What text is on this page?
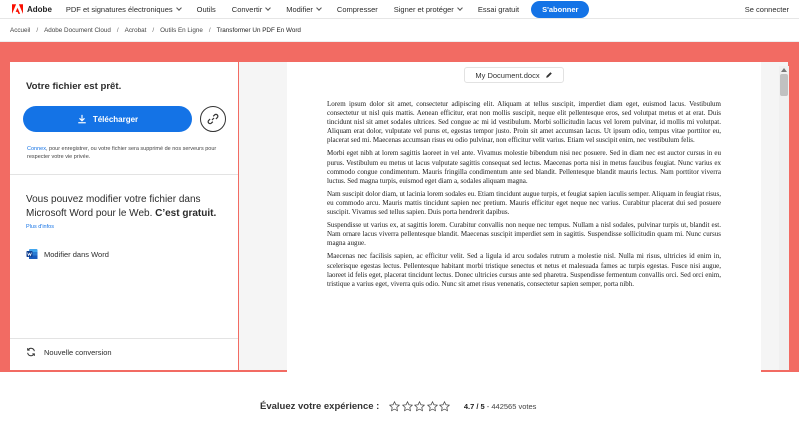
Adobe PDF et signatures électroniques	Outils Convertir	Modifier	Compresser Signer et protéger	Essai gratuit	S'abonner	Se connecter
Accueil / Adobe Document Cloud / Acrobat / Outils En Ligne / Transformer Un PDF En Word
Votre fichier est prêt.
Télécharger
Connex, pour enregistrer, ou votre fichier sera supprimé de nos serveurs pour respecter votre vie privée.
Vous pouvez modifier votre fichier dans Microsoft Word pour le Web. C’est gratuit.
Plus d'infos
Modifier dans Word
Nouvelle conversion

Lorem ipsum dolor sit amet, consectetur adipiscing elit. Aliquam at tellus suscipit, imperdiet diam eget, euismod lacus. Vestibulum consectetur ut nisl quis mattis. Aenean efficitur, erat non mollis suscipit, neque elit pellentesque eros, sed volutpat metus et at erat. Duis tincidunt nisl sit amet sodales ultrices. Sed congue ac mi id vestibulum. Morbi sollicitudin lacus vel lorem pulvinar, id mollis mi volutpat. Aliquam erat dolor, vulputate vel purus et, egestas tempor justo. Proin sit amet accumsan lacus. Ut ipsum odio, tempus vitae porttitor eu, placerat sed mi. Maecenas accumsan risus eu odio pulvinar, non efficitur velit varius. Etiam vel suscipit enim, nec vestibulum felis.

Morbi eget nibh at lorem sagittis laoreet in vel ante. Vivamus molestie bibendum nisi nec posuere. Sed in diam nec est auctor cursus in eu purus. Vestibulum eu metus ut lacus vulputate sagittis consequat sed lectus. Maecenas porta nisi in metus faucibus feugiat. Nunc varius ex commodo congue condimentum. Mauris fringilla condimentum ante sed blandit. Pellentesque blandit mauris lectus. Nam porttitor viverra luctus. Sed magna turpis, euismod eget diam a, sodales aliquam magna.

Nam suscipit dolor diam, ut lacinia lorem sodales eu. Etiam tincidunt augue turpis, et feugiat sapien iaculis semper. Aliquam in feugiat risus, eu commodo arcu. Mauris mattis tincidunt sapien nec pretium. Mauris efficitur eget neque nec varius. Curabitur placerat dui sed posuere suscipit. Vivamus sed tellus sapien. Duis porta hendrerit dapibus.

Suspendisse ut varius ex, at sagittis lorem. Curabitur convallis non neque nec tempus. Nullam a nisl sodales, pulvinar turpis ut, blandit est. Nam ornare lacus viverra pellentesque blandit. Maecenas suscipit imperdiet sem in sagittis. Suspendisse sollicitudin quam mi. Nunc cursus magna augue.

Maecenas nec facilisis sapien, ac efficitur velit. Sed a ligula id arcu sodales rutrum a molestie nisl. Nulla mi risus, ultricies id enim in, scelerisque egestas lectus. Pellentesque habitant morbi tristique senectus et netus et malesuada fames ac turpis egestas. Fusce nisi augue, laoreet id felis eget, placerat tincidunt lectus. Donec ultricies cursus ante sed pharetra. Suspendisse fermentum convallis orci. Sed orci enim, tristique a varius eget, viverra quis odio. Nunc sit amet risus venenatis, consectetur sapien semper, porta nibh.

My Document.docx
Évaluez votre expérience :	4.7 / 5 - 442565 votes
